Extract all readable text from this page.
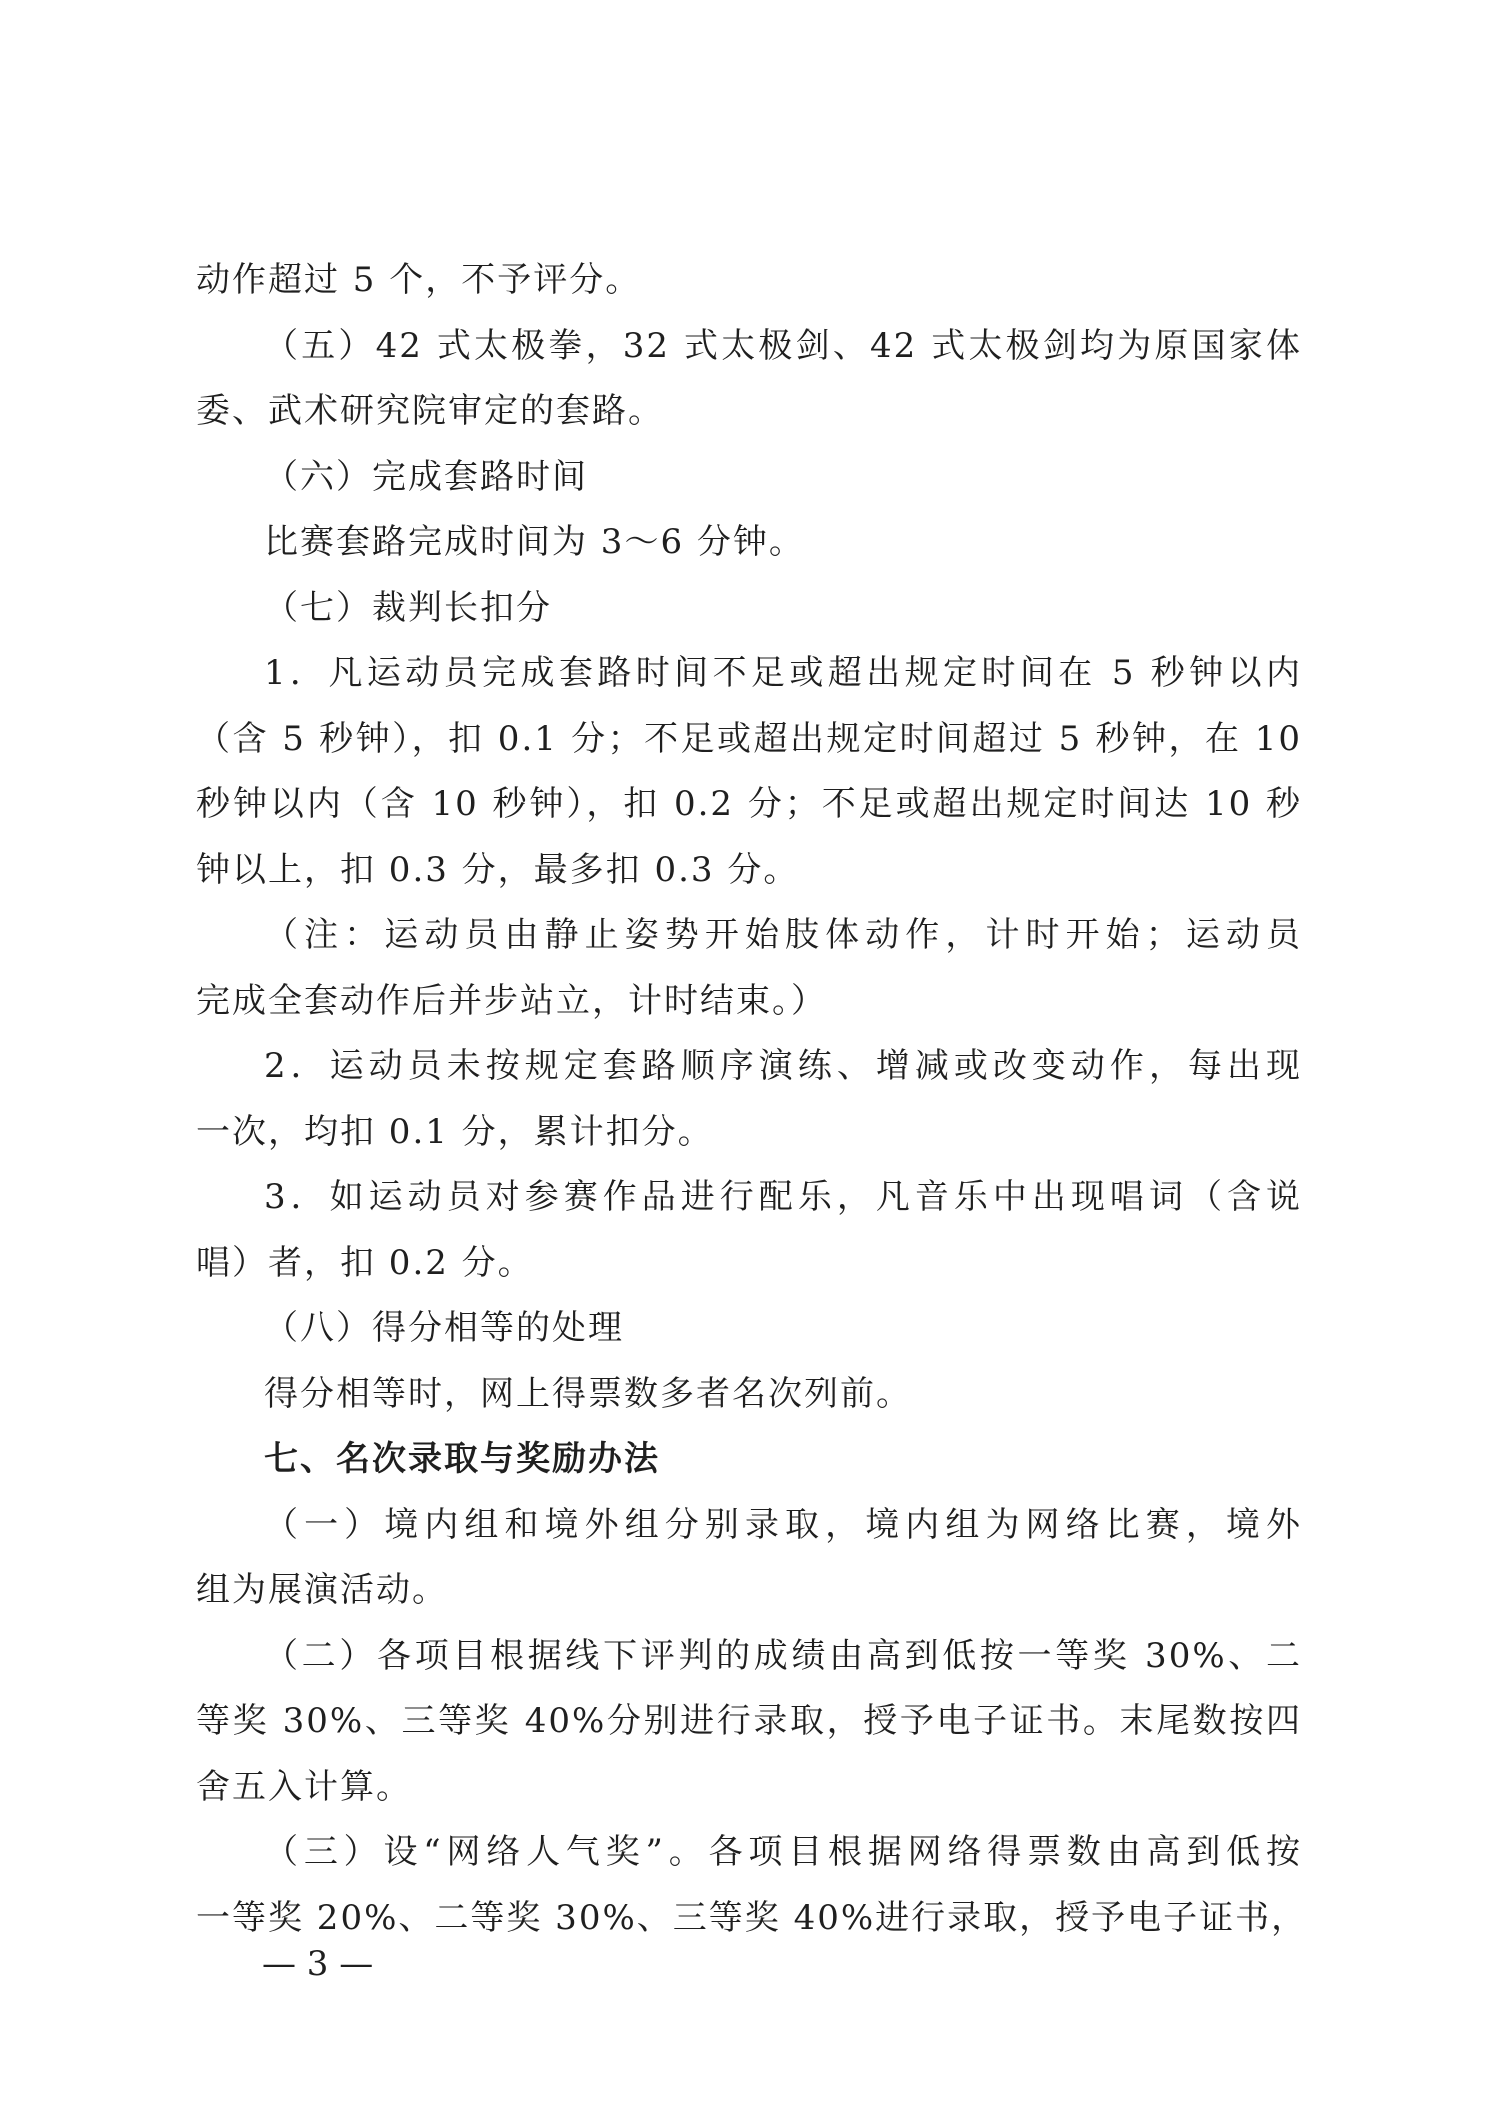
动作超过 5 个，不予评分。
（五）42 式太极拳，32 式太极剑、42 式太极剑均为原国家体
委、武术研究院审定的套路。
（六）完成套路时间
比赛套路完成时间为 3～6 分钟。
（七）裁判长扣分
1．凡运动员完成套路时间不足或超出规定时间在 5 秒钟以内
（含 5 秒钟），扣 0.1 分；不足或超出规定时间超过 5 秒钟，在 10
秒钟以内（含 10 秒钟），扣 0.2 分；不足或超出规定时间达 10 秒
钟以上，扣 0.3 分，最多扣 0.3 分。
（注：运动员由静止姿势开始肢体动作，计时开始；运动员
完成全套动作后并步站立，计时结束。）
2．运动员未按规定套路顺序演练、增减或改变动作，每出现
一次，均扣 0.1 分，累计扣分。
3．如运动员对参赛作品进行配乐，凡音乐中出现唱词（含说
唱）者，扣 0.2 分。
（八）得分相等的处理
得分相等时，网上得票数多者名次列前。
七、名次录取与奖励办法
（一）境内组和境外组分别录取，境内组为网络比赛，境外
组为展演活动。
（二）各项目根据线下评判的成绩由高到低按一等奖 30%、二
等奖 30%、三等奖 40%分别进行录取，授予电子证书。末尾数按四
舍五入计算。
（三）设“网络人气奖”。各项目根据网络得票数由高到低按
一等奖 20%、二等奖 30%、三等奖 40%进行录取，授予电子证书，
— 3 —
